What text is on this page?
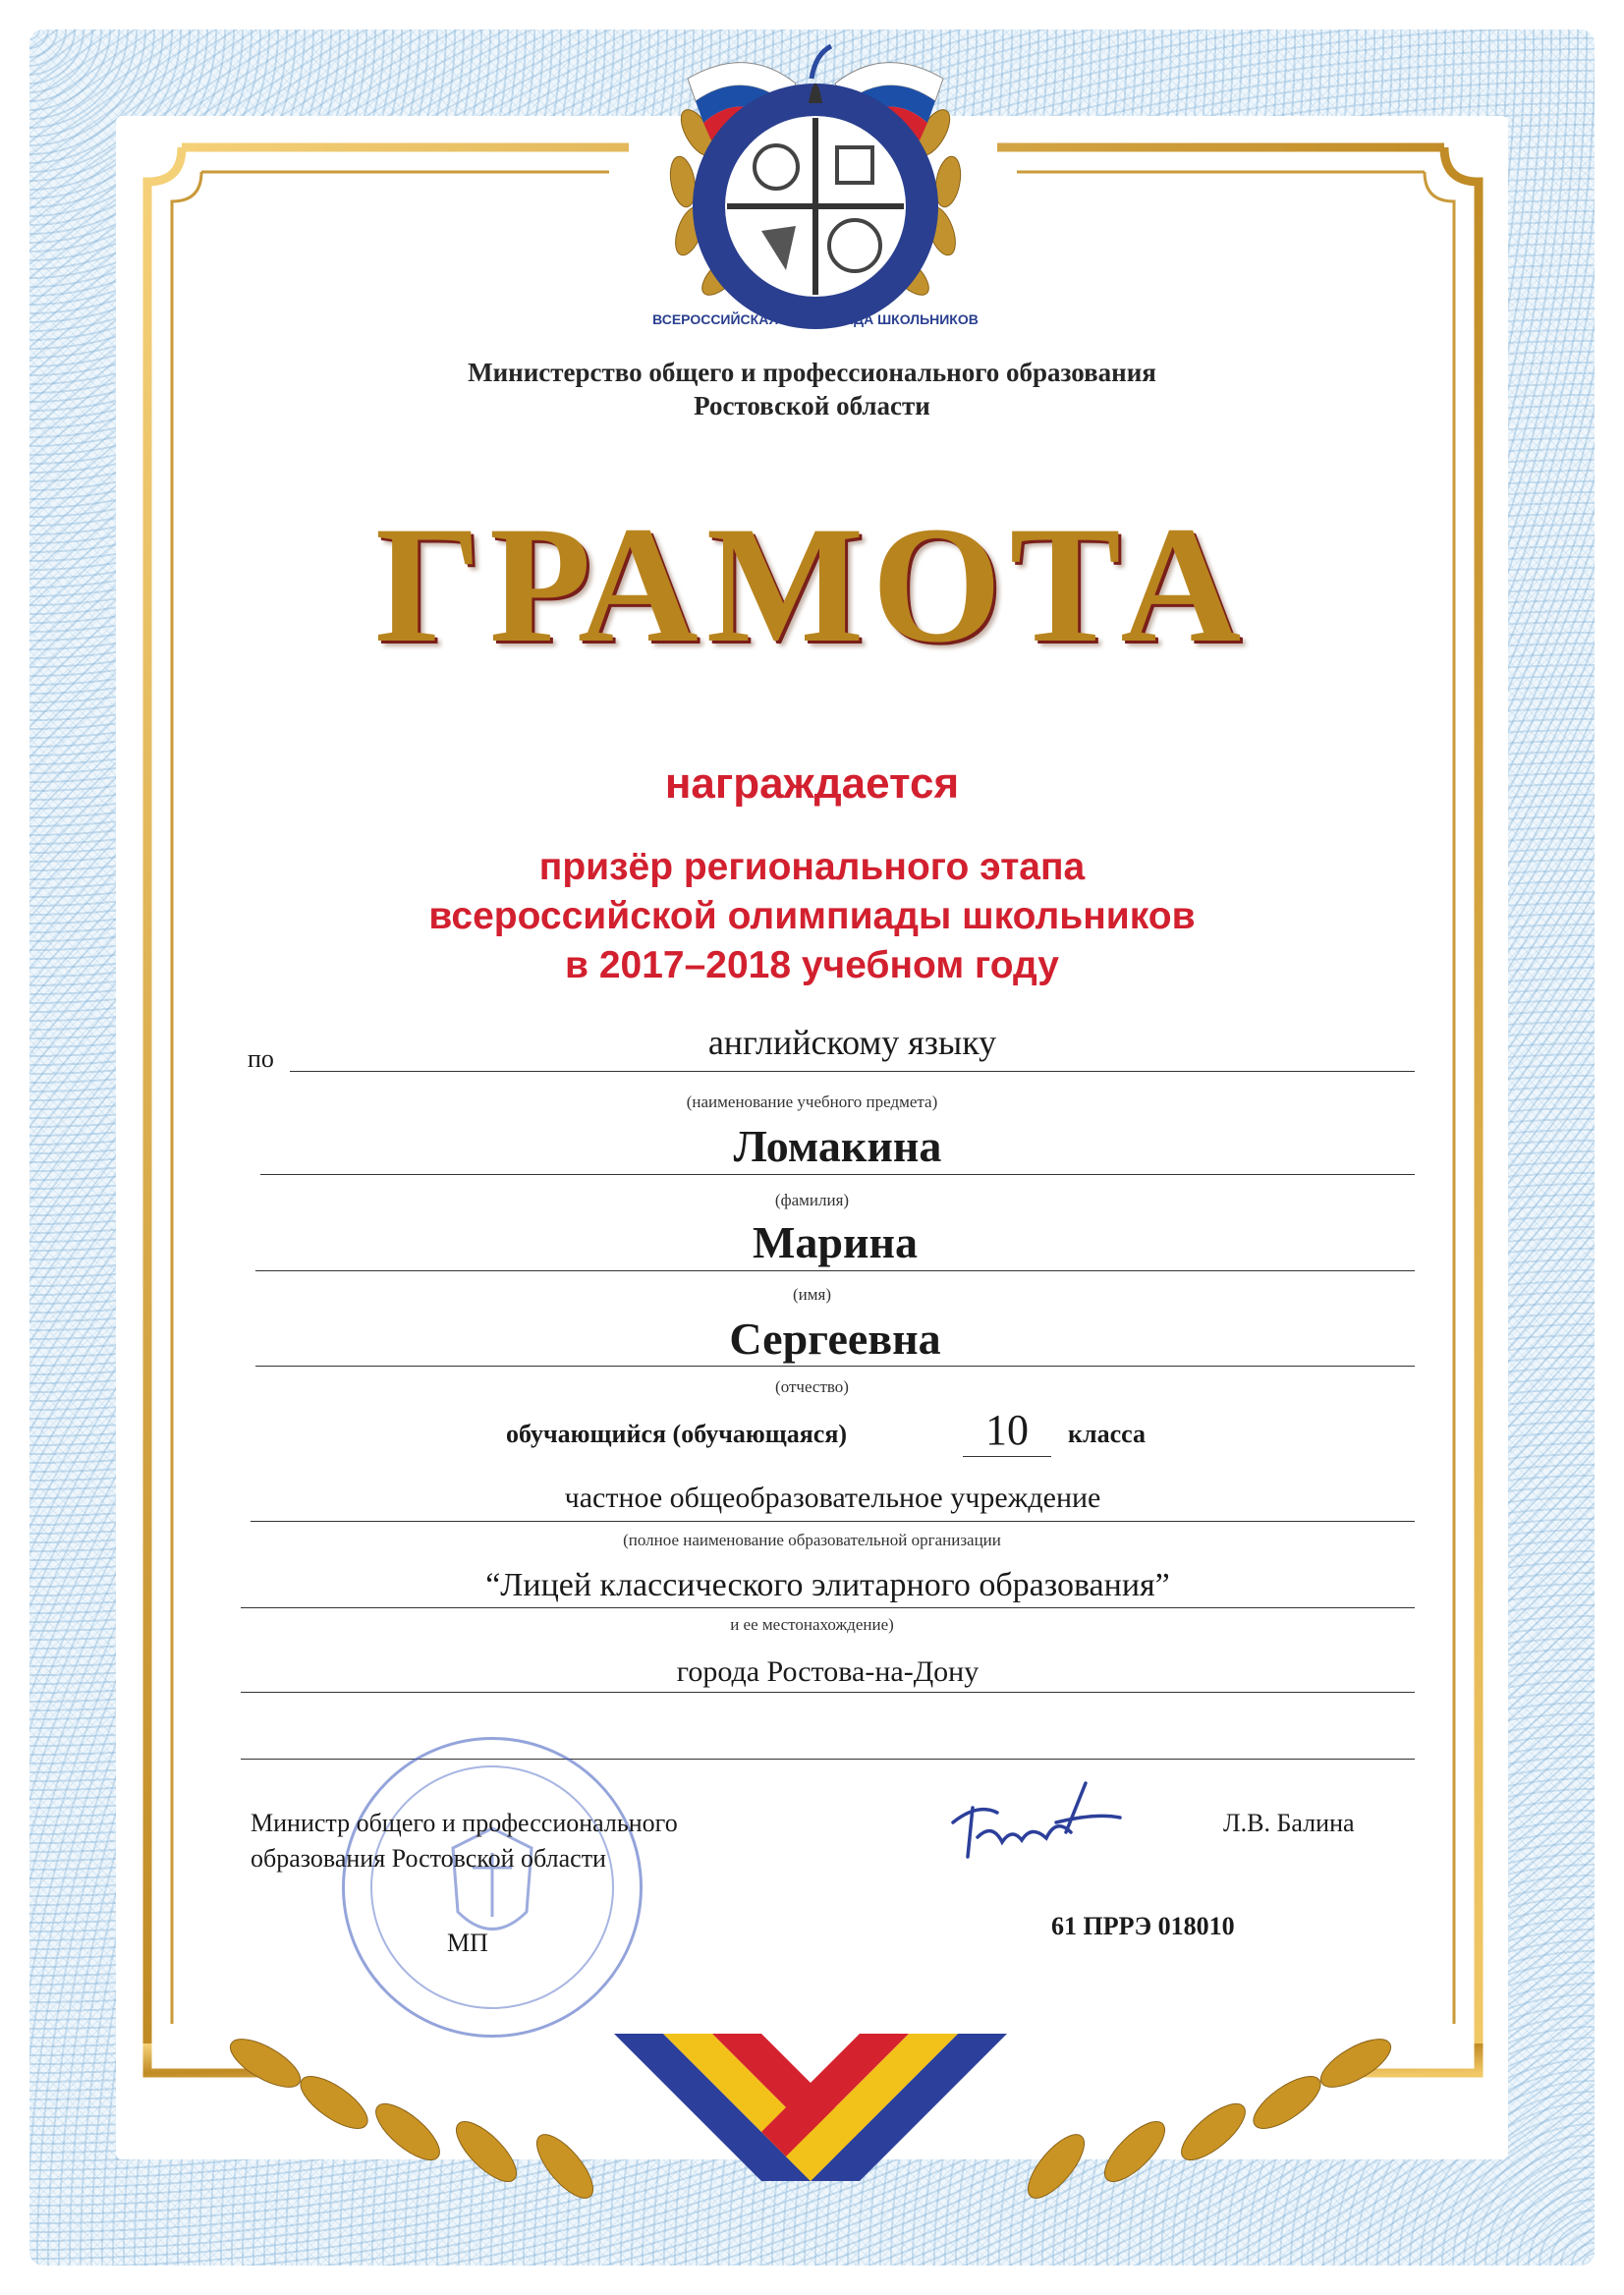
ВСЕРОССИЙСКАЯ ОЛИМПИАДА ШКОЛЬНИКОВ
Министерство общего и профессионального образования
Ростовской области
ГРАМОТА
награждается
призёр регионального этапа
всероссийской олимпиады школьников
в 2017–2018 учебном году
по	английскому языку
(наименование учебного предмета)
Ломакина
(фамилия)
Марина
(имя)
Сергеевна
(отчество)
обучающийся (обучающаяся)	10	класса
частное общеобразовательное учреждение
(полное наименование образовательной организации
“Лицей классического элитарного образования”
и ее местонахождение)
города Ростова-на-Дону
Министр общего и профессионального
образования Ростовской области
Л.В. Балина
МП
61 ПРРЭ 018010
